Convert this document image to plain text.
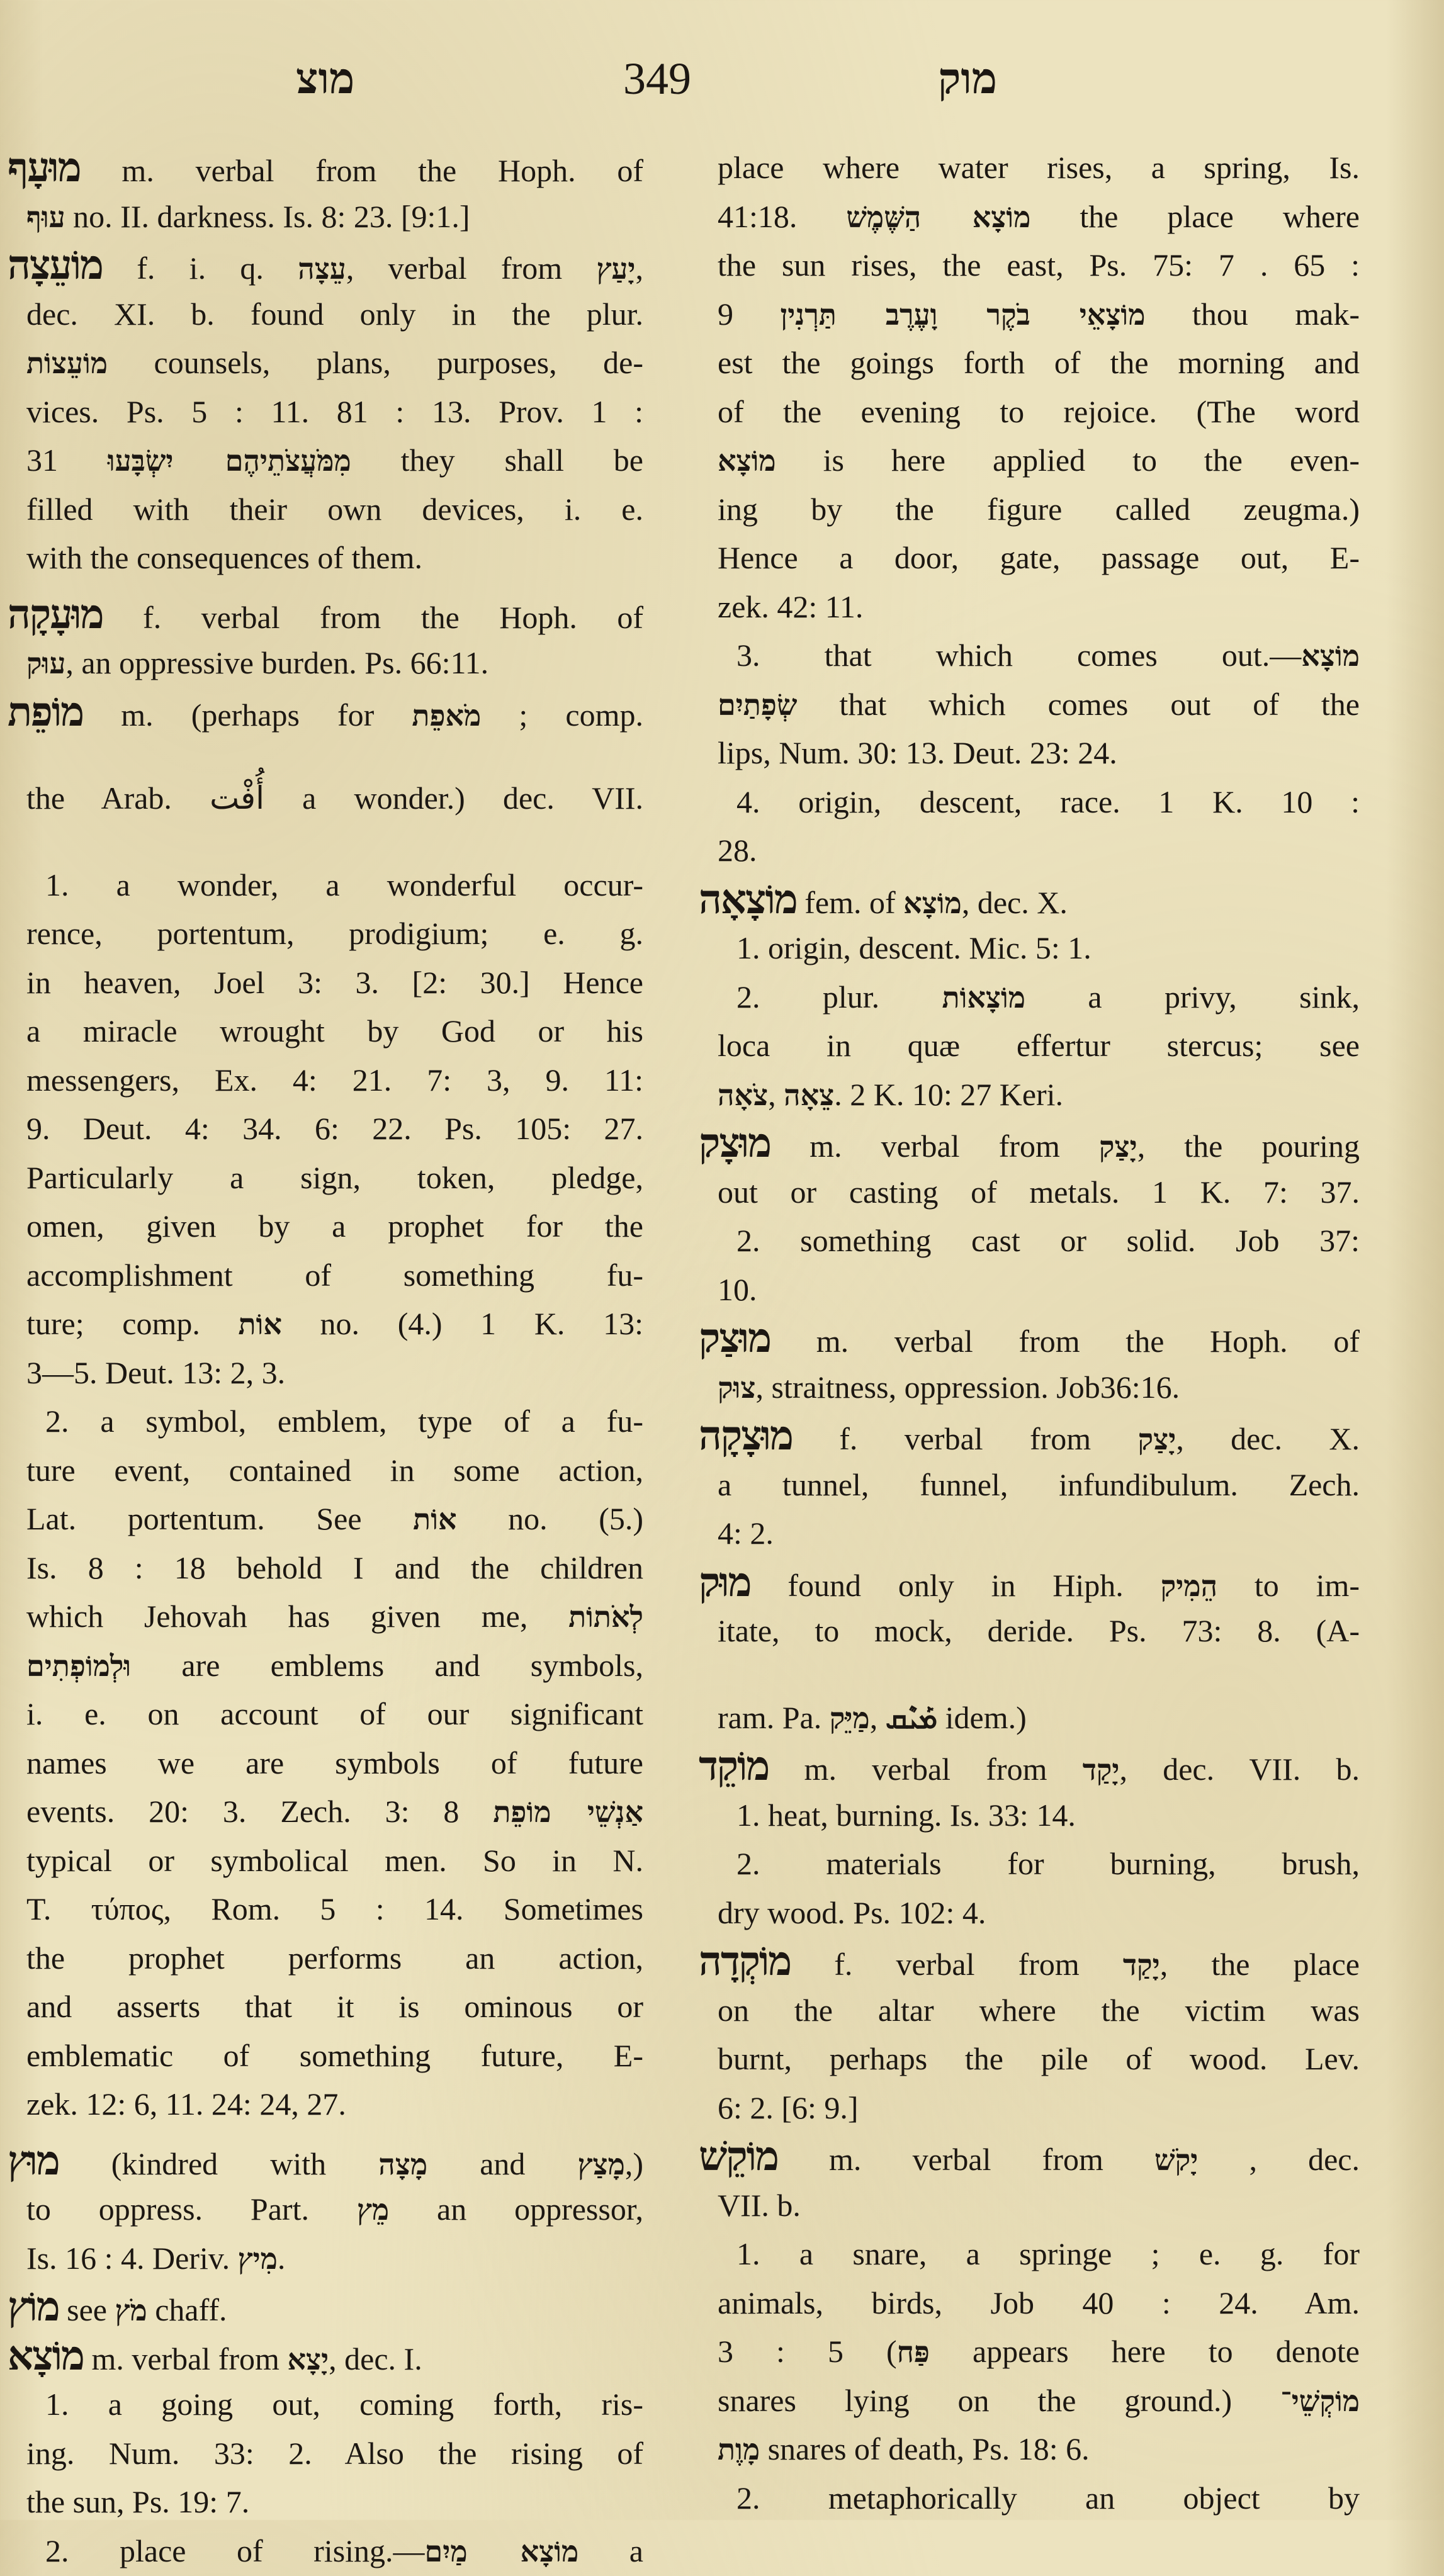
מוצ	349	מוק
מוּעָף m. verbal from the Hoph. of
עוּף no. II. darkness. Is. 8: 23. [9:1.]
מוֹעֵצָה f. i. q. עֵצָה, verbal from יָעַץ,
dec. XI. b. found only in the plur.
מוֹעֵצוֹת counsels, plans, purposes, de-
vices. Ps. 5 : 11. 81 : 13. Prov. 1 :
31 מִמֹּעֲצֹתֵיהֶם יִשְׂבָּעוּ they shall be
filled with their own devices, i. e.
with the consequences of them.
מוּעָקָה f. verbal from the Hoph. of
עוּק, an oppressive burden. Ps. 66:11.
מוֹפֵת m. (perhaps for מֹאפֵת ; comp.
the Arab. أُفْت a wonder.) dec. VII.
1. a wonder, a wonderful occur-
rence, portentum, prodigium; e. g.
in heaven, Joel 3: 3. [2: 30.] Hence
a miracle wrought by God or his
messengers, Ex. 4: 21. 7: 3, 9. 11:
9. Deut. 4: 34. 6: 22. Ps. 105: 27.
Particularly a sign, token, pledge,
omen, given by a prophet for the
accomplishment of something fu-
ture; comp. אוֹת no. (4.) 1 K. 13:
3—5. Deut. 13: 2, 3.
2. a symbol, emblem, type of a fu-
ture event, contained in some action,
Lat. portentum. See אוֹת no. (5.)
Is. 8 : 18 behold I and the children
which Jehovah has given me, לְאֹתוֹת
וּלְמוֹפְתִים are emblems and symbols,
i. e. on account of our significant
names we are symbols of future
events. 20: 3. Zech. 3: 8 אַנְשֵׁי מוֹפֵת
typical or symbolical men. So in N.
T. τύπος, Rom. 5 : 14. Sometimes
the prophet performs an action,
and asserts that it is ominous or
emblematic of something future, E-
zek. 12: 6, 11. 24: 24, 27.
מוּץ (kindred with מָצָה and מָצַץ,)
to oppress. Part. מֵץ an oppressor,
Is. 16 : 4. Deriv. מִיץ.
מוֹץ see מֹץ chaff.
מוֹצָא m. verbal from יָצָא, dec. I.
1. a going out, coming forth, ris-
ing. Num. 33: 2. Also the rising of
the sun, Ps. 19: 7.
2. place of rising.—מוֹצָא מַיִם a
place where water rises, a spring, Is.
41:18. מוֹצָא הַשֶּׁמֶשׁ the place where
the sun rises, the east, Ps. 75: 7 . 65 :
9 מוֹצָאֵי בֹקֶר וָעֶרֶב תַּרְנִין thou mak-
est the goings forth of the morning and
of the evening to rejoice. (The word
מוֹצָא is here applied to the even-
ing by the figure called zeugma.)
Hence a door, gate, passage out, E-
zek. 42: 11.
3. that which comes out.—מוֹצָא
שְׂפָתַיִם that which comes out of the
lips, Num. 30: 13. Deut. 23: 24.
4. origin, descent, race. 1 K. 10 :
28.
מוֹצָאָה fem. of מוֹצָא, dec. X.
1. origin, descent. Mic. 5: 1.
2. plur. מוֹצָאוֹת a privy, sink,
loca in quæ effertur stercus; see
צֹאָה, צֵאָה. 2 K. 10: 27 Keri.
מוּצָק m. verbal from יָצַק, the pouring
out or casting of metals. 1 K. 7: 37.
2. something cast or solid. Job 37:
10.
מוּצַק m. verbal from the Hoph. of
צוּק, straitness, oppression. Job36:16.
מוּצָקָה f. verbal from יָצַק, dec. X.
a tunnel, funnel, infundibulum. Zech.
4: 2.
מוּק found only in Hiph. הֵמִיק to im-
itate, to mock, deride. Ps. 73: 8. (A-
ram. Pa. מַיֵּק, ܡܰܝܶܩ idem.)
מוֹקֵד m. verbal from יָקַד, dec. VII. b.
1. heat, burning. Is. 33: 14.
2. materials for burning, brush,
dry wood. Ps. 102: 4.
מוֹקְדָה f. verbal from יָקַד, the place
on the altar where the victim was
burnt, perhaps the pile of wood. Lev.
6: 2. [6: 9.]
מוֹקֵשׁ m. verbal from יָקֹשׁ , dec.
VII. b.
1. a snare, a springe ; e. g. for
animals, birds, Job 40 : 24. Am.
3 : 5 (פַּח appears here to denote
snares lying on the ground.) מוֹקְשֵׁי־
מָוֶת snares of death, Ps. 18: 6.
2. metaphorically an object by
